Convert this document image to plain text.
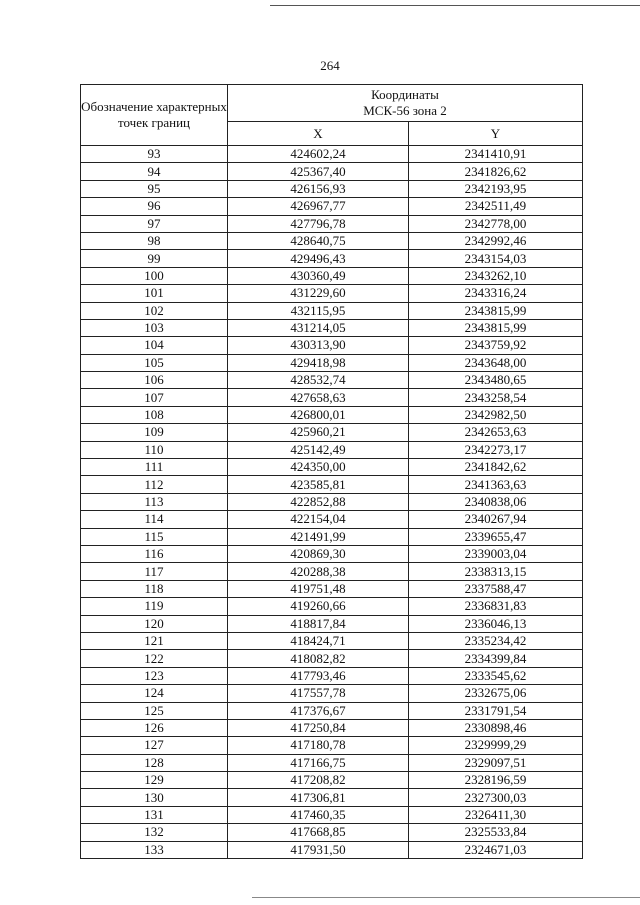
264
Обозначение характерных точек границ	Координаты
МСК-56 зона 2	
	X	Y
93	424602,24	2341410,91
94	425367,40	2341826,62
95	426156,93	2342193,95
96	426967,77	2342511,49
97	427796,78	2342778,00
98	428640,75	2342992,46
99	429496,43	2343154,03
100	430360,49	2343262,10
101	431229,60	2343316,24
102	432115,95	2343815,99
103	431214,05	2343815,99
104	430313,90	2343759,92
105	429418,98	2343648,00
106	428532,74	2343480,65
107	427658,63	2343258,54
108	426800,01	2342982,50
109	425960,21	2342653,63
110	425142,49	2342273,17
111	424350,00	2341842,62
112	423585,81	2341363,63
113	422852,88	2340838,06
114	422154,04	2340267,94
115	421491,99	2339655,47
116	420869,30	2339003,04
117	420288,38	2338313,15
118	419751,48	2337588,47
119	419260,66	2336831,83
120	418817,84	2336046,13
121	418424,71	2335234,42
122	418082,82	2334399,84
123	417793,46	2333545,62
124	417557,78	2332675,06
125	417376,67	2331791,54
126	417250,84	2330898,46
127	417180,78	2329999,29
128	417166,75	2329097,51
129	417208,82	2328196,59
130	417306,81	2327300,03
131	417460,35	2326411,30
132	417668,85	2325533,84
133	417931,50	2324671,03
